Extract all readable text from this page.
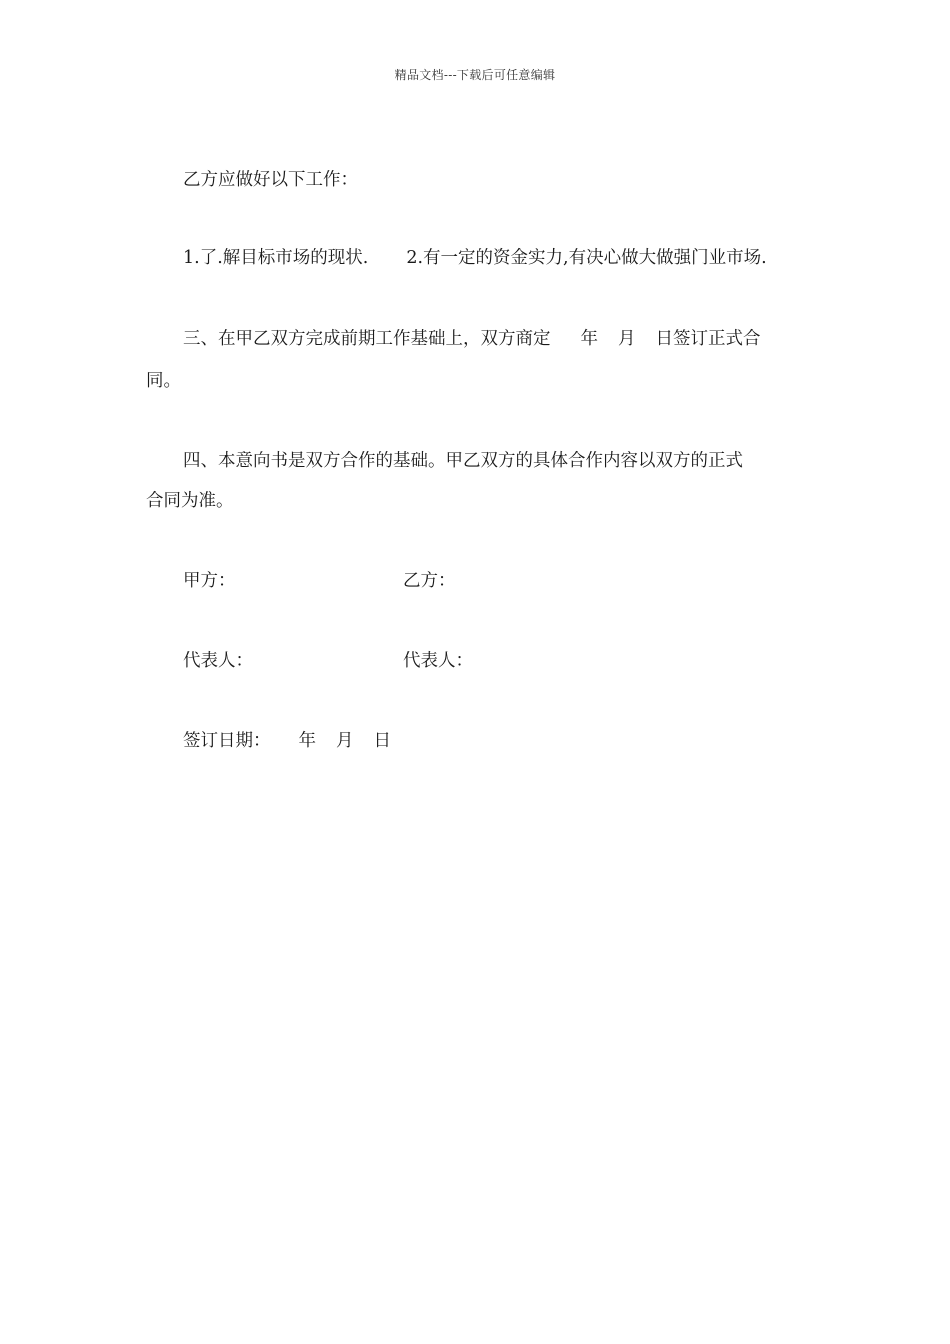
精品文档---下载后可任意编辑
乙方应做好以下工作：
1.了.解目标市场的现状. 2.有一定的资金实力,有决心做大做强门业市场.
三、在甲乙双方完成前期工作基础上，双方商定 年 月 日签订正式合
同。
四、本意向书是双方合作的基础。甲乙双方的具体合作内容以双方的正式
合同为准。
甲方：	乙方：
代表人：	代表人：
签订日期： 年 月 日
